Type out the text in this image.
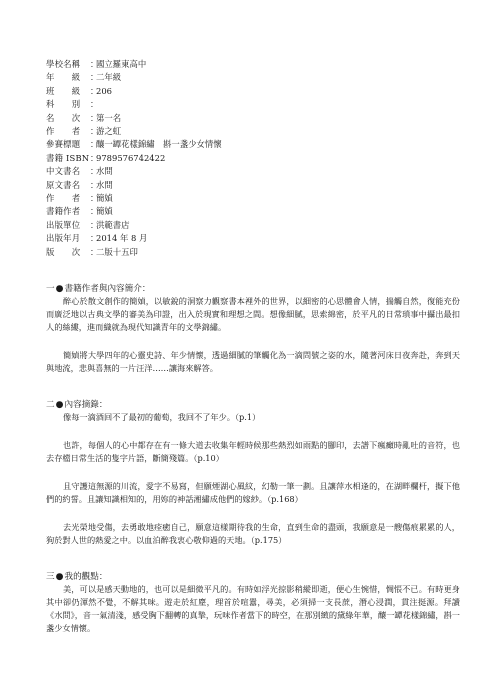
學校名稱	：
國立羅東高中
年　　級	：
二年級
班　　級	：
206
科　　別	：
名　　次	：
第一名
作　　者	：
游之虹
參賽標題	：
釀一罈花樣錦繡　斟一盞少女情懷
書籍 ISBN ：
9789576742422
中文書名	：
水問
原文書名	：
水問
作　　者	：
簡媜
書籍作者	：
簡媜
出版單位	：
洪範書店
出版年月	：
2014 年 8 月
版　　次	：
二版十五印
一 ● 書籍作者與內容簡介：

醉心於散文創作的簡媜，以敏銳的洞察力觀察書本裡外的世界，以細密的心思體會人情，揣觸自然，復能充份而廣泛地以古典文學的審美為印證，出入於現實和理想之間。想像細膩，思索綿密，於平凡的日常瑣事中攝出最扣人的絲縷，進而織就為現代知識青年的文學錦繡。

簡媜將大學四年的心靈史詩、年少情懷，透過細膩的筆觸化為一滴問號之姿的水，隨著河床日夜奔赴，奔到天與地流，悲與喜無的一片汪洋……讓海來解答。

二 ● 內容摘錄：

像每一滴酒回不了最初的葡萄，我回不了年少。（p.1）

也許，每個人的心中都存在有一條大道去收集年輕時候那些熱烈如雨點的腳印，去譜下瘋癲時亂吐的音符，也去存檔日常生活的隻字片語，斷簡殘篇。（p.10）

且守護這無源的川流，愛字不易寫，但願煙湖心風紋，幻勒一筆一劃。且讓萍水相逢的，在湖畔欄杆，擬下他們的約誓。且讓知識相知的，用妳的神話湘繡成他們的嫁紗。（p.168）

去光榮地受傷，去勇敢地痊癒自己，願意這樣期待我的生命，直到生命的盡頭，我願意是一艘傷痕累累的人，狗於對人世的熱愛之中。以血泊醉我衷心敬仰過的天地。（p.175）

三 ● 我的觀點：

美，可以是感天動地的，也可以是細微平凡的。有時如浮光掠影稍縱即逝，便心生惋惜，惆悵不已。有時更身其中卻仍渾然不覺，不解其味。遊走於紅塵，理首於喧囂，尋美，必須掃一支長蔗，潛心浸潤，貫注挺源。拜讀《水問》，音一氣清淺，感受胸下翻轉的真摯，玩味作者當下的時空，在那別緻的黛綠年華，釀一罈花樣錦繡，斟一盞少女情懷。
